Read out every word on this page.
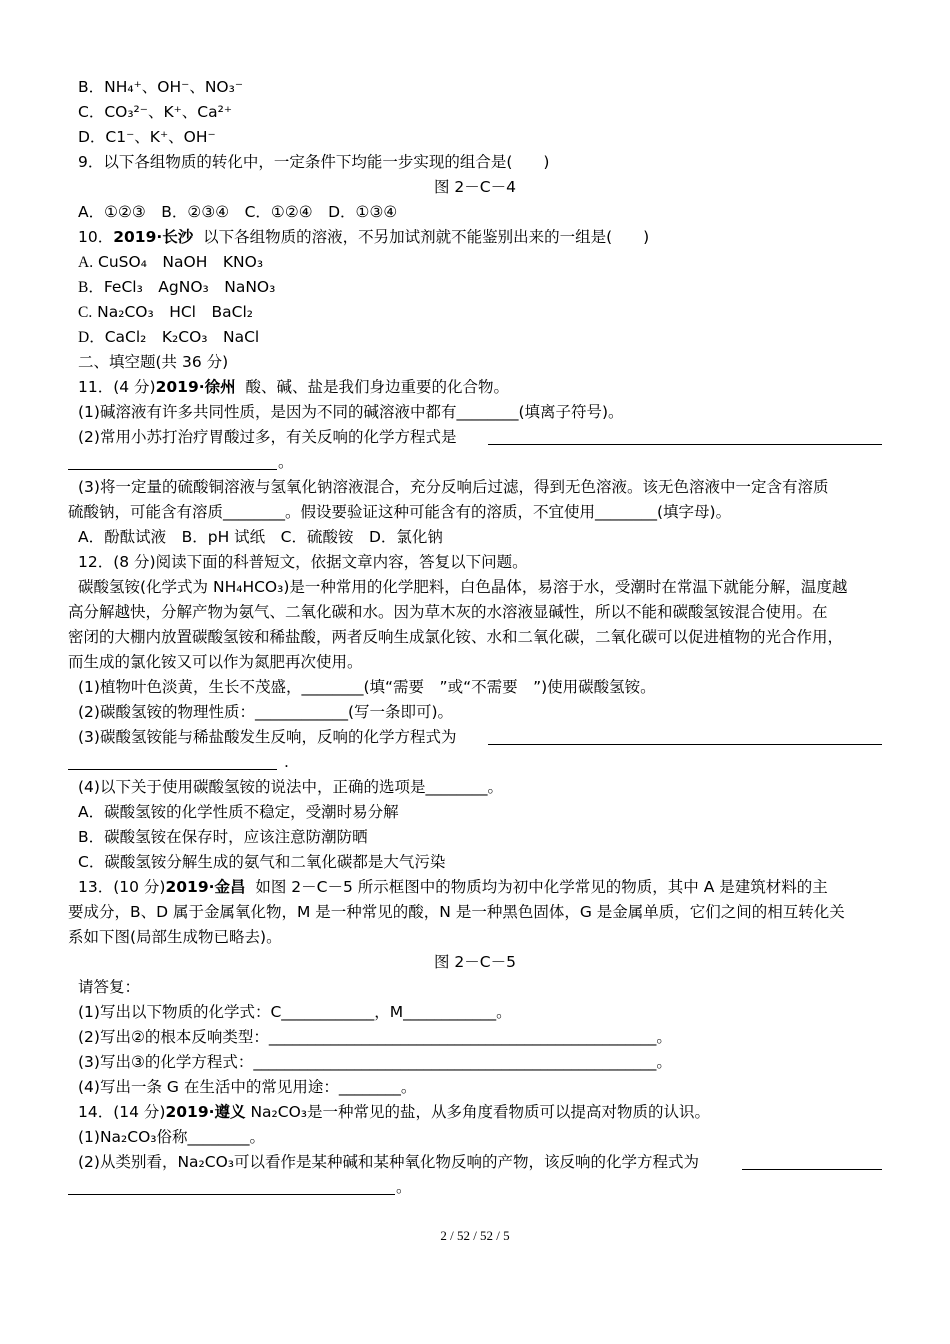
B．NH₄⁺、OH⁻、NO₃⁻
C．CO₃²⁻、K⁺、Ca²⁺
D．C1⁻、K⁺、OH⁻
9．以下各组物质的转化中，一定条件下均能一步实现的组合是(　　)
图 2－C－4
A．①②③　B．②③④　C．①②④　D．①③④
10．2019·长沙 以下各组物质的溶液，不另加试剂就不能鉴别出来的一组是(　　)
A. CuSO₄　NaOH　KNO₃
B．FeCl₃　AgNO₃　NaNO₃
C. Na₂CO₃　HCl　BaCl₂
D．CaCl₂　K₂CO₃　NaCl
二、填空题(共 36 分)
11．(4 分)2019·徐州 酸、碱、盐是我们身边重要的化合物。
(1)碱溶液有许多共同性质，是因为不同的碱溶液中都有________(填离子符号)。
(2)常用小苏打治疗胃酸过多，有关反响的化学方程式是
。
(3)将一定量的硫酸铜溶液与氢氧化钠溶液混合，充分反响后过滤，得到无色溶液。该无色溶液中一定含有溶质
硫酸钠，可能含有溶质________。假设要验证这种可能含有的溶质，不宜使用________(填字母)。
A．酚酞试液　B．pH 试纸　C．硫酸铵　D．氯化钠
12．(8 分)阅读下面的科普短文，依据文章内容，答复以下问题。
碳酸氢铵(化学式为 NH₄HCO₃)是一种常用的化学肥料，白色晶体，易溶于水，受潮时在常温下就能分解，温度越
高分解越快，分解产物为氨气、二氧化碳和水。因为草木灰的水溶液显碱性，所以不能和碳酸氢铵混合使用。在
密闭的大棚内放置碳酸氢铵和稀盐酸，两者反响生成氯化铵、水和二氧化碳，二氧化碳可以促进植物的光合作用，
而生成的氯化铵又可以作为氮肥再次使用。
(1)植物叶色淡黄，生长不茂盛，________(填“需要　”或“不需要　”)使用碳酸氢铵。
(2)碳酸氢铵的物理性质：____________(写一条即可)。
(3)碳酸氢铵能与稀盐酸发生反响，反响的化学方程式为
.
(4)以下关于使用碳酸氢铵的说法中，正确的选项是________。
A．碳酸氢铵的化学性质不稳定，受潮时易分解
B．碳酸氢铵在保存时，应该注意防潮防晒
C．碳酸氢铵分解生成的氨气和二氧化碳都是大气污染
13．(10 分)2019·金昌 如图 2－C－5 所示框图中的物质均为初中化学常见的物质，其中 A 是建筑材料的主
要成分，B、D 属于金属氧化物，M 是一种常见的酸，N 是一种黑色固体，G 是金属单质，它们之间的相互转化关
系如下图(局部生成物已略去)。
图 2－C－5
请答复：
(1)写出以下物质的化学式：C____________，M____________。
(2)写出②的根本反响类型：__________________________________________________。
(3)写出③的化学方程式：____________________________________________________。
(4)写出一条 G 在生活中的常见用途：________。
14．(14 分)2019·遵义 Na₂CO₃是一种常见的盐，从多角度看物质可以提高对物质的认识。
(1)Na₂CO₃俗称________。
(2)从类别看，Na₂CO₃可以看作是某种碱和某种氧化物反响的产物，该反响的化学方程式为
。
2 / 52 / 52 / 5
